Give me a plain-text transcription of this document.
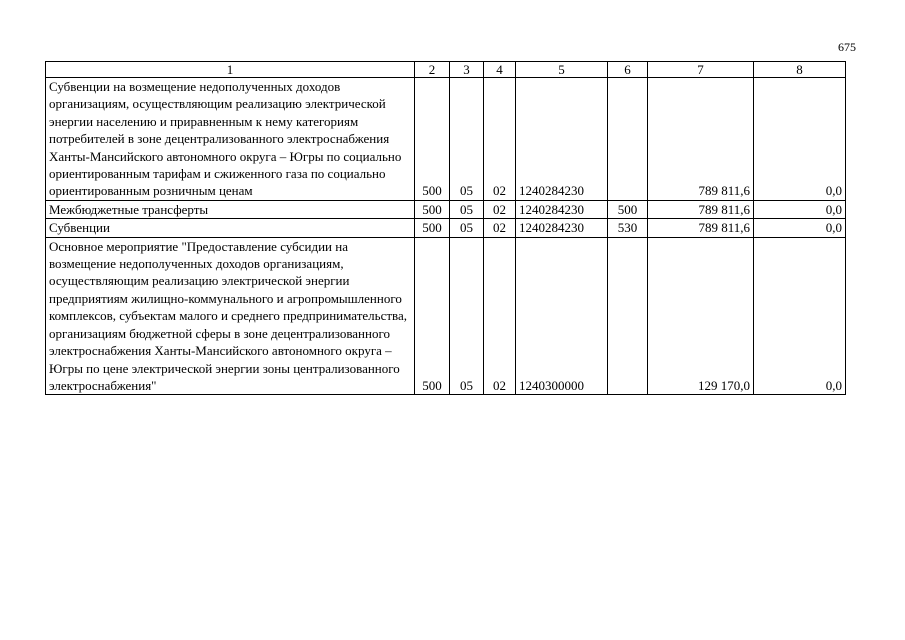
675
1	2	3	4	5	6	7	8
Субвенции на возмещение недополученных доходов организациям, осуществляющим реализацию электрической энергии населению и приравненным к нему категориям потребителей в зоне децентрализованного электроснабжения Ханты-Мансийского автономного округа – Югры по социально ориентированным тарифам и сжиженного газа по социально ориентированным розничным ценам	500	05	02	1240284230		789 811,6	0,0
Межбюджетные трансферты	500	05	02	1240284230	500	789 811,6	0,0
Субвенции	500	05	02	1240284230	530	789 811,6	0,0
Основное мероприятие "Предоставление субсидии на возмещение недополученных доходов организациям, осуществляющим реализацию электрической энергии предприятиям жилищно-коммунального и агропромышленного комплексов, субъектам малого и среднего предпринимательства, организациям бюджетной сферы в зоне децентрализованного электроснабжения Ханты-Мансийского автономного округа – Югры по цене электрической энергии зоны централизованного электроснабжения"	500	05	02	1240300000		129 170,0	0,0
